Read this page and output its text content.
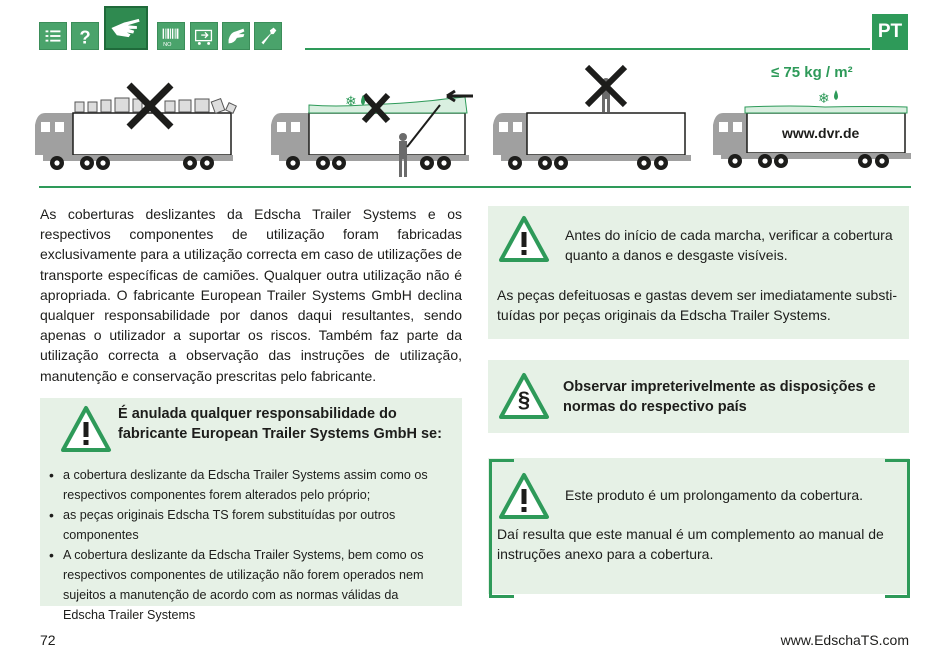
?	NO
PT
❄	❄
≤ 75 kg / m²
www.dvr.de
As coberturas deslizantes da Edscha Trailer Systems e os respectivos componentes de utilização foram fabricadas exclusivamente para a utilização correcta em caso de utilizações de transporte específicas de camiões. Qualquer outra utilização não é apropriada. O fabricante European Trailer Systems GmbH declina qualquer responsabilidade por danos daqui resultantes, sendo apenas o utilizador a suportar os riscos. Também faz parte da utilização correcta a observação das instruções de utilização, manutenção e conservação prescritas pelo fabricante.
É anulada qualquer responsabilidade do
fabricante European Trailer Systems GmbH se:
• a cobertura deslizante da Edscha Trailer Systems assim como os
respectivos componentes forem alterados pelo próprio;
• as peças originais Edscha TS forem substituídas por outros componentes
• A cobertura deslizante da Edscha Trailer Systems, bem como os
respectivos componentes de utilização não forem operados nem
sujeitos a manutenção de acordo com as normas válidas da
Edscha Trailer Systems
Antes do início de cada marcha, verificar a cobertura
quanto a danos e desgaste visíveis.
As peças defeituosas e gastas devem ser imediatamente substi-
tuídas por peças originais da Edscha Trailer Systems.
§	Observar impreterivelmente as disposições e
normas do respectivo país
Este produto é um prolongamento da cobertura.
Daí resulta que este manual é um complemento ao manual de
instruções anexo para a cobertura.
72	www.EdschaTS.com
